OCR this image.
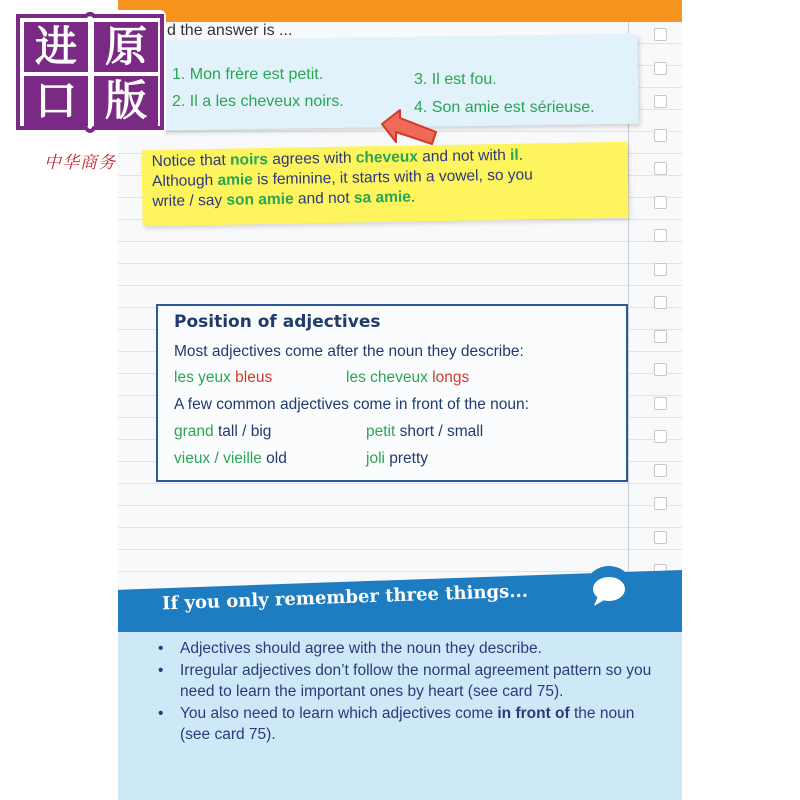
d the answer is ...
1. Mon frère est petit.
2. Il a les cheveux noirs.
3. Il est fou.
4. Son amie est sérieuse.
进 原
口 版
中华商务 Notice that noirs agrees with cheveux and not with il.
Although amie is feminine, it starts with a vowel, so you
write / say son amie and not sa amie.
Position of adjectives
Most adjectives come after the noun they describe:
les yeux bleus	les cheveux longs
A few common adjectives come in front of the noun:
grand tall / big	petit short / small
vieux / vieille old	joli pretty
If you only remember three things...
• Adjectives should agree with the noun they describe.
• Irregular adjectives don’t follow the normal agreement pattern so you need to learn the important ones by heart (see card 75).
• You also need to learn which adjectives come in front of the noun (see card 75).
